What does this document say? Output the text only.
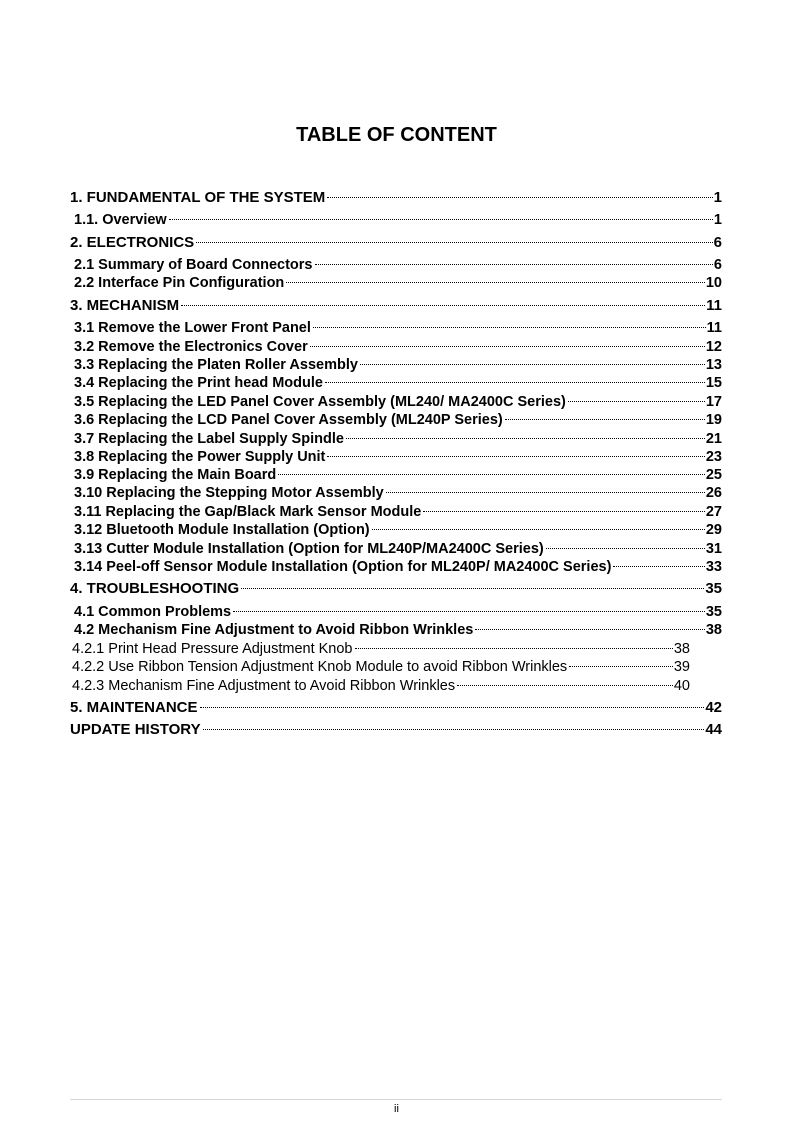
TABLE OF CONTENT
1. FUNDAMENTAL OF THE SYSTEM	1
1.1. Overview	1
2. ELECTRONICS	6
2.1 Summary of Board Connectors	6
2.2 Interface Pin Configuration	10
3. MECHANISM	11
3.1 Remove the Lower Front Panel	11
3.2 Remove the Electronics Cover	12
3.3 Replacing the Platen Roller Assembly	13
3.4 Replacing the Print head Module	15
3.5 Replacing the LED Panel Cover Assembly (ML240/ MA2400C Series)	17
3.6 Replacing the LCD Panel Cover Assembly (ML240P Series)	19
3.7 Replacing the Label Supply Spindle	21
3.8 Replacing the Power Supply Unit	23
3.9 Replacing the Main Board	25
3.10 Replacing the Stepping Motor Assembly	26
3.11 Replacing the Gap/Black Mark Sensor Module	27
3.12 Bluetooth Module Installation (Option)	29
3.13 Cutter Module Installation (Option for ML240P/MA2400C Series)	31
3.14 Peel-off Sensor Module Installation (Option for ML240P/ MA2400C Series)	33
4. TROUBLESHOOTING	35
4.1 Common Problems	35
4.2 Mechanism Fine Adjustment to Avoid Ribbon Wrinkles	38
4.2.1 Print Head Pressure Adjustment Knob	38
4.2.2 Use Ribbon Tension Adjustment Knob Module to avoid Ribbon Wrinkles	39
4.2.3 Mechanism Fine Adjustment to Avoid Ribbon Wrinkles	40
5. MAINTENANCE	42
UPDATE HISTORY	44
ii
